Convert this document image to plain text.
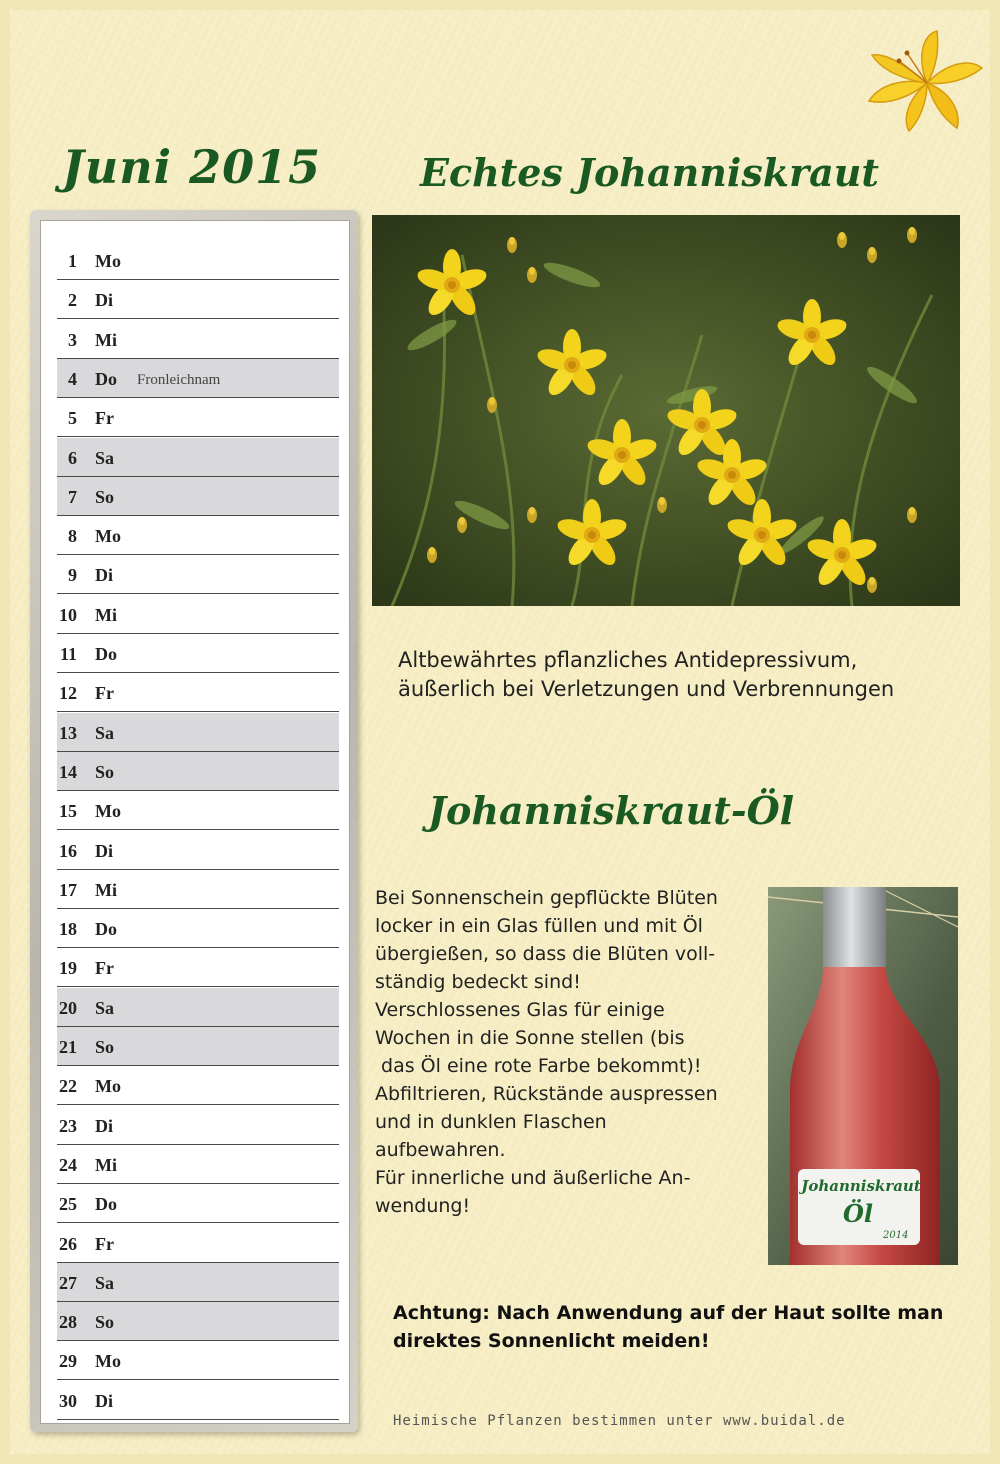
Juni 2015
1 Mo
2 Di
3 Mi
4 Do Fronleichnam
5 Fr
6 Sa
7 So
8 Mo
9 Di
10 Mi
11 Do
12 Fr
13 Sa
14 So
15 Mo
16 Di
17 Mi
18 Do
19 Fr
20 Sa
21 So
22 Mo
23 Di
24 Mi
25 Do
26 Fr
27 Sa
28 So
29 Mo
30 Di
Echtes Johanniskraut
Altbewährtes pflanzliches Antidepressivum,
äußerlich bei Verletzungen und Verbrennungen
Johanniskraut-Öl
Bei Sonnenschein gepflückte Blüten
locker in ein Glas füllen und mit Öl
übergießen, so dass die Blüten voll-
ständig bedeckt sind!
Verschlossenes Glas für einige
Wochen in die Sonne stellen (bis
das Öl eine rote Farbe bekommt)!
Abfiltrieren, Rückstände auspressen
und in dunklen Flaschen
aufbewahren.
Für innerliche und äußerliche An-
wendung!
Johanniskraut
Öl
2014
Achtung: Nach Anwendung auf der Haut sollte man
direktes Sonnenlicht meiden!
Heimische Pflanzen bestimmen unter www.buidal.de
